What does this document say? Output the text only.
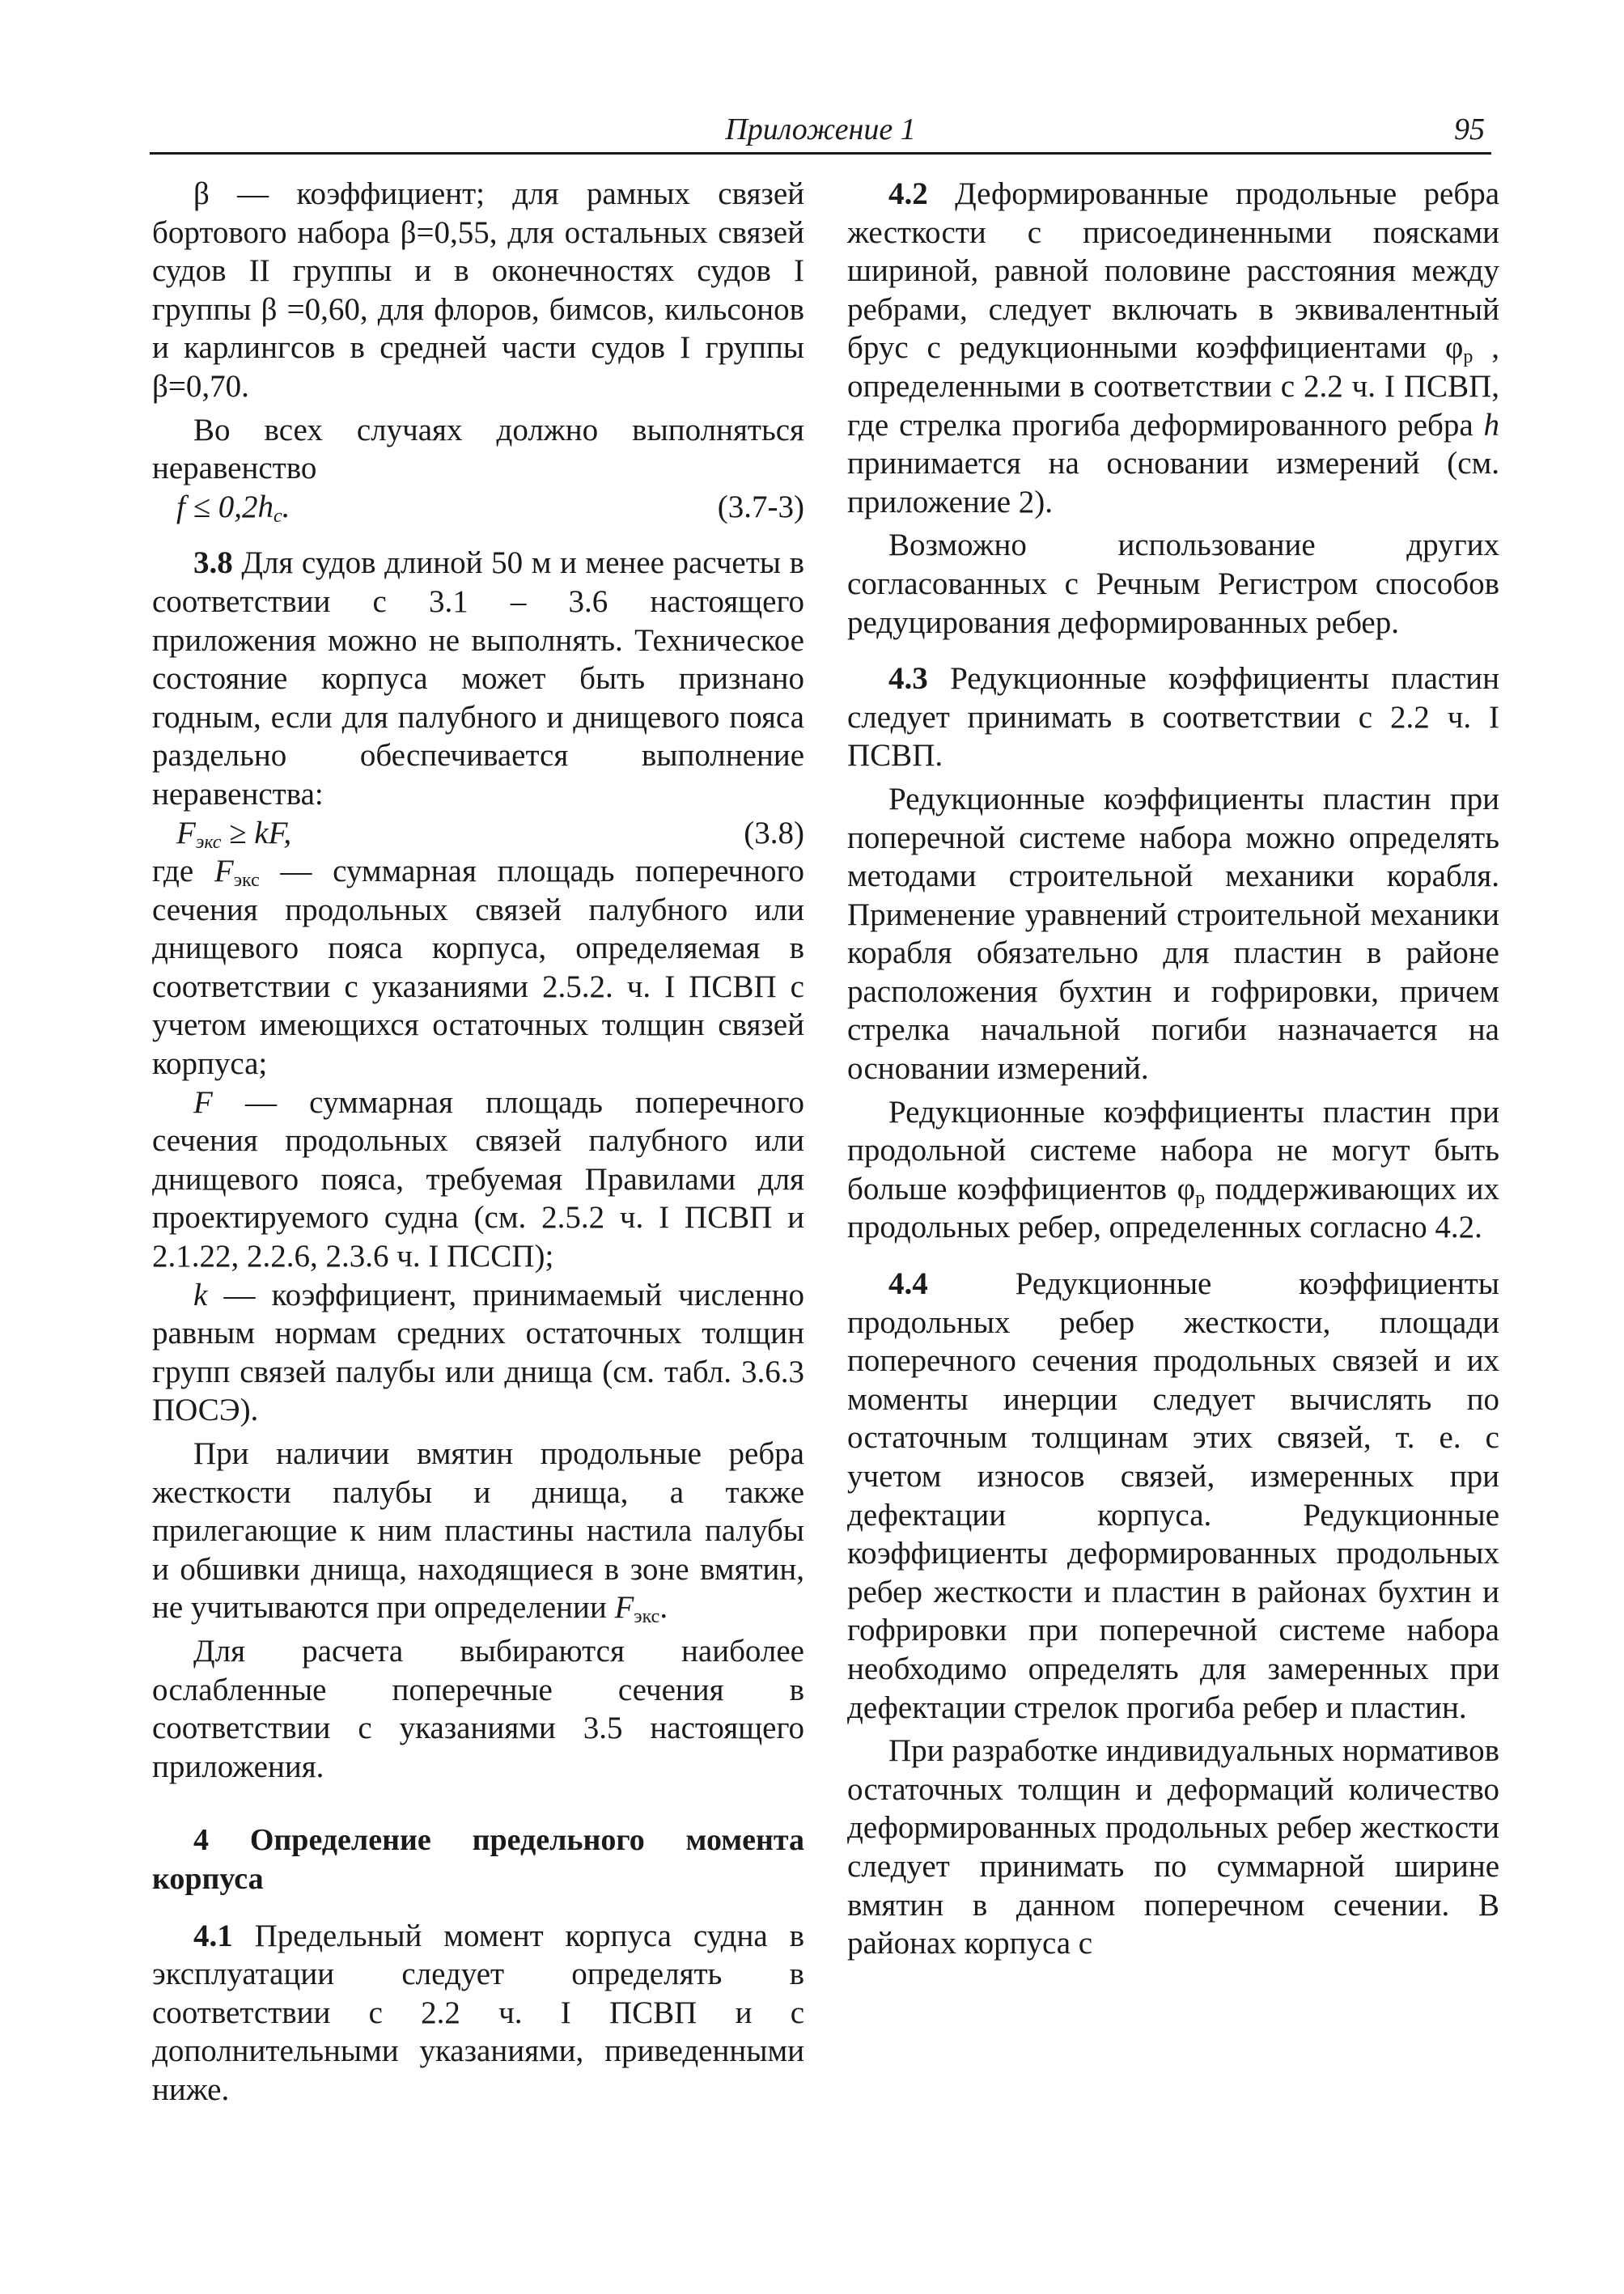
Приложение 1	95

β — коэффициент; для рамных связей бортового набора β=0,55, для остальных связей судов II группы и в оконечностях судов I группы β =0,60, для флоров, бимсов, кильсонов и карлингсов в средней части судов I группы β=0,70.

Во всех случаях должно выполняться неравенство

$f \le 0,2h_c$.	(3.7-3)

3.8 Для судов длиной 50 м и менее расчеты в соответствии с 3.1 – 3.6 настоящего приложения можно не выполнять. Техническое состояние корпуса может быть признано годным, если для палубного и днищевого пояса раздельно обеспечивается выполнение неравенства:

$F_{экс}$ ≥ kF,	(3.8)

где $F_{экс}$ — суммарная площадь поперечного сечения продольных связей палубного или днищевого пояса корпуса, определяемая в соответствии с указаниями 2.5.2. ч. I ПСВП с учетом имеющихся остаточных толщин связей корпуса;

F — суммарная площадь поперечного сечения продольных связей палубного или днищевого пояса, требуемая Правилами для проектируемого судна (см. 2.5.2 ч. I ПСВП и 2.1.22, 2.2.6, 2.3.6 ч. I ПССП);

k — коэффициент, принимаемый численно равным нормам средних остаточных толщин групп связей палубы или днища (см. табл. 3.6.3 ПОСЭ).

При наличии вмятин продольные ребра жесткости палубы и днища, а также прилегающие к ним пластины настила палубы и обшивки днища, находящиеся в зоне вмятин, не учитываются при определении $F_{экс}$.

Для расчета выбираются наиболее ослабленные поперечные сечения в соответствии с указаниями 3.5 настоящего приложения.

4 Определение предельного момента корпуса

4.1 Предельный момент корпуса судна в эксплуатации следует определять в соответствии с 2.2 ч. I ПСВП и с дополнительными указаниями, приведенными ниже.

4.2 Деформированные продольные ребра жесткости с присоединенными поясками шириной, равной половине расстояния между ребрами, следует включать в эквивалентный брус с редукционными коэффициентами $\varphi_р$ , определенными в соответствии с 2.2 ч. I ПСВП, где стрелка прогиба деформированного ребра h принимается на основании измерений (см. приложение 2).

Возможно использование других согласованных с Речным Регистром способов редуцирования деформированных ребер.

4.3 Редукционные коэффициенты пластин следует принимать в соответствии с 2.2 ч. I ПСВП.

Редукционные коэффициенты пластин при поперечной системе набора можно определять методами строительной механики корабля. Применение уравнений строительной механики корабля обязательно для пластин в районе расположения бухтин и гофрировки, причем стрелка начальной погиби назначается на основании измерений.

Редукционные коэффициенты пластин при продольной системе набора не могут быть больше коэффициентов $\varphi_р$ поддерживающих их продольных ребер, определенных согласно 4.2.

4.4 Редукционные коэффициенты продольных ребер жесткости, площади поперечного сечения продольных связей и их моменты инерции следует вычислять по остаточным толщинам этих связей, т. е. с учетом износов связей, измеренных при дефектации корпуса. Редукционные коэффициенты деформированных продольных ребер жесткости и пластин в районах бухтин и гофрировки при поперечной системе набора необходимо определять для замеренных при дефектации стрелок прогиба ребер и пластин.

При разработке индивидуальных нормативов остаточных толщин и деформаций количество деформированных продольных ребер жесткости следует принимать по суммарной ширине вмятин в данном поперечном сечении. В районах корпуса с
